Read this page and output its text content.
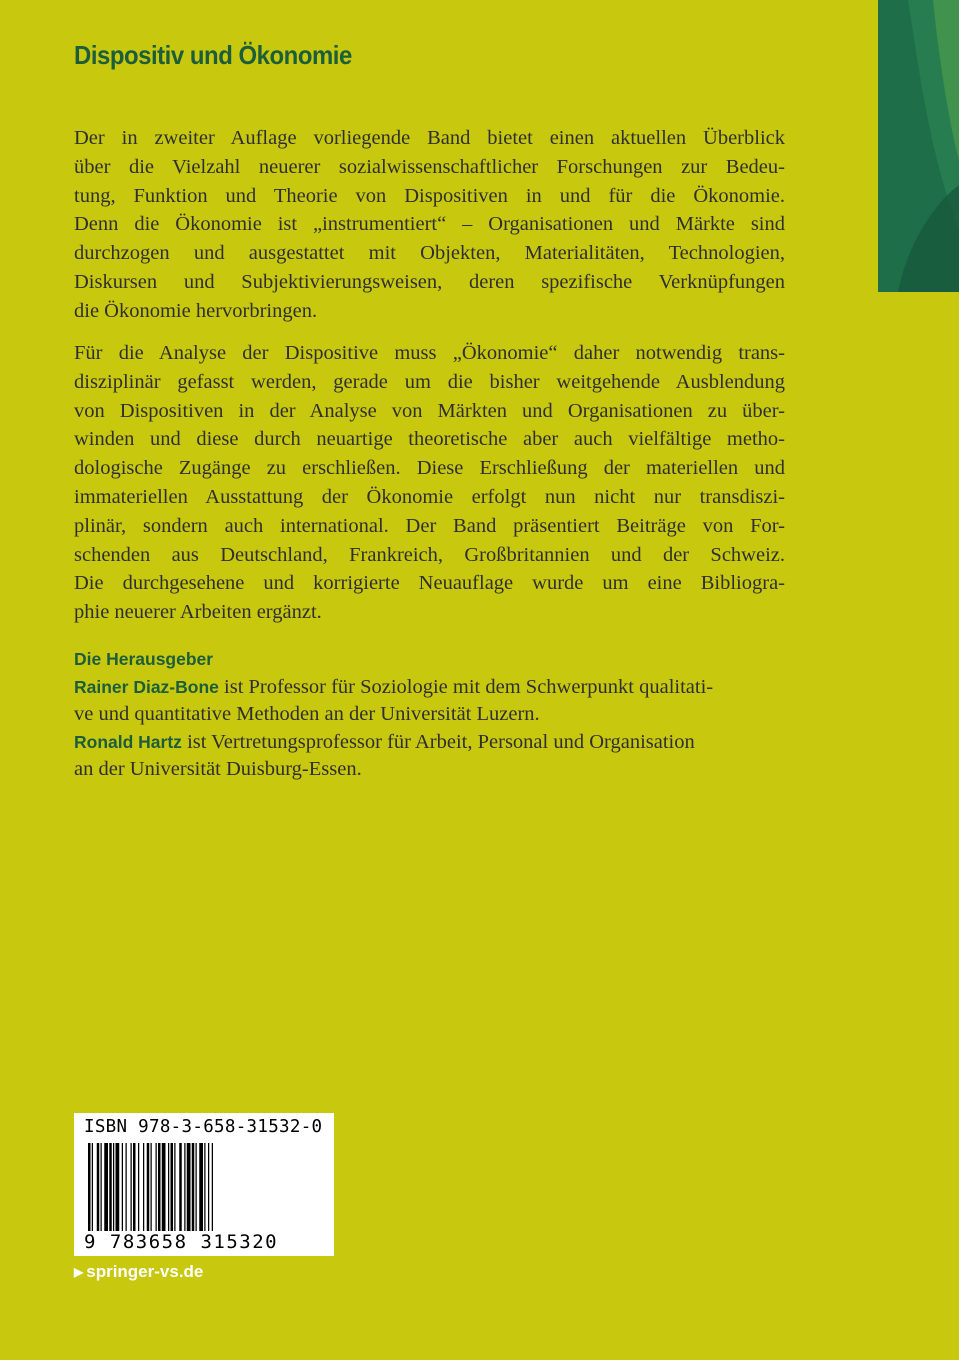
Dispositiv und Ökonomie
Der in zweiter Auflage vorliegende Band bietet einen aktuellen Überblick
über die Vielzahl neuerer sozialwissenschaftlicher Forschungen zur Bedeu-
tung, Funktion und Theorie von Dispositiven in und für die Ökonomie.
Denn die Ökonomie ist „instrumentiert“ – Organisationen und Märkte sind
durchzogen und ausgestattet mit Objekten, Materialitäten, Technologien,
Diskursen und Subjektivierungsweisen, deren spezifische Verknüpfungen
die Ökonomie hervorbringen.
Für die Analyse der Dispositive muss „Ökonomie“ daher notwendig trans-
disziplinär gefasst werden, gerade um die bisher weitgehende Ausblendung
von Dispositiven in der Analyse von Märkten und Organisationen zu über-
winden und diese durch neuartige theoretische aber auch vielfältige metho-
dologische Zugänge zu erschließen. Diese Erschließung der materiellen und
immateriellen Ausstattung der Ökonomie erfolgt nun nicht nur transdiszi-
plinär, sondern auch international. Der Band präsentiert Beiträge von For-
schenden aus Deutschland, Frankreich, Großbritannien und der Schweiz.
Die durchgesehene und korrigierte Neuauflage wurde um eine Bibliogra-
phie neuerer Arbeiten ergänzt.
Die Herausgeber
Rainer Diaz-Bone ist Professor für Soziologie mit dem Schwerpunkt qualitati-
ve und quantitative Methoden an der Universität Luzern.
Ronald Hartz ist Vertretungsprofessor für Arbeit, Personal und Organisation
an der Universität Duisburg-Essen.
ISBN 978-3-658-31532-0
9 783658 315320
▶ springer-vs.de
